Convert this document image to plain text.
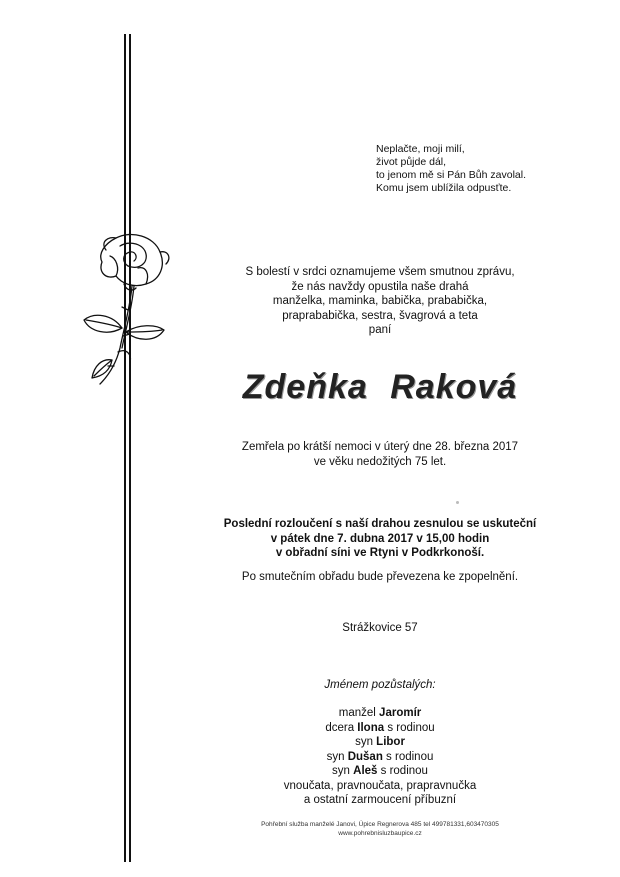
Neplačte, moji milí,
život půjde dál,
to jenom mě si Pán Bůh zavolal.
Komu jsem ublížila odpusťte.
S bolestí v srdci oznamujeme všem smutnou zprávu,
že nás navždy opustila naše drahá
manželka, maminka, babička, prababička,
praprababička, sestra, švagrová a teta
paní
Zdeňka Raková
Zemřela po krátší nemoci v úterý dne 28. března 2017
ve věku nedožitých 75 let.
Poslední rozloučení s naší drahou zesnulou se uskuteční
v pátek dne 7. dubna 2017 v 15,00 hodin
v obřadní síni ve Rtyni v Podkrkonoší.
Po smutečním obřadu bude převezena ke zpopelnění.
Strážkovice 57
Jménem pozůstalých:
manžel Jaromír
dcera Ilona s rodinou
syn Libor
syn Dušan s rodinou
syn Aleš s rodinou
vnoučata, pravnoučata, prapravnučka
a ostatní zarmoucení příbuzní
Pohřební služba manželé Janovi, Úpice Regnerova 485 tel 499781331,603470305
www.pohrebnisluzbaupice.cz
